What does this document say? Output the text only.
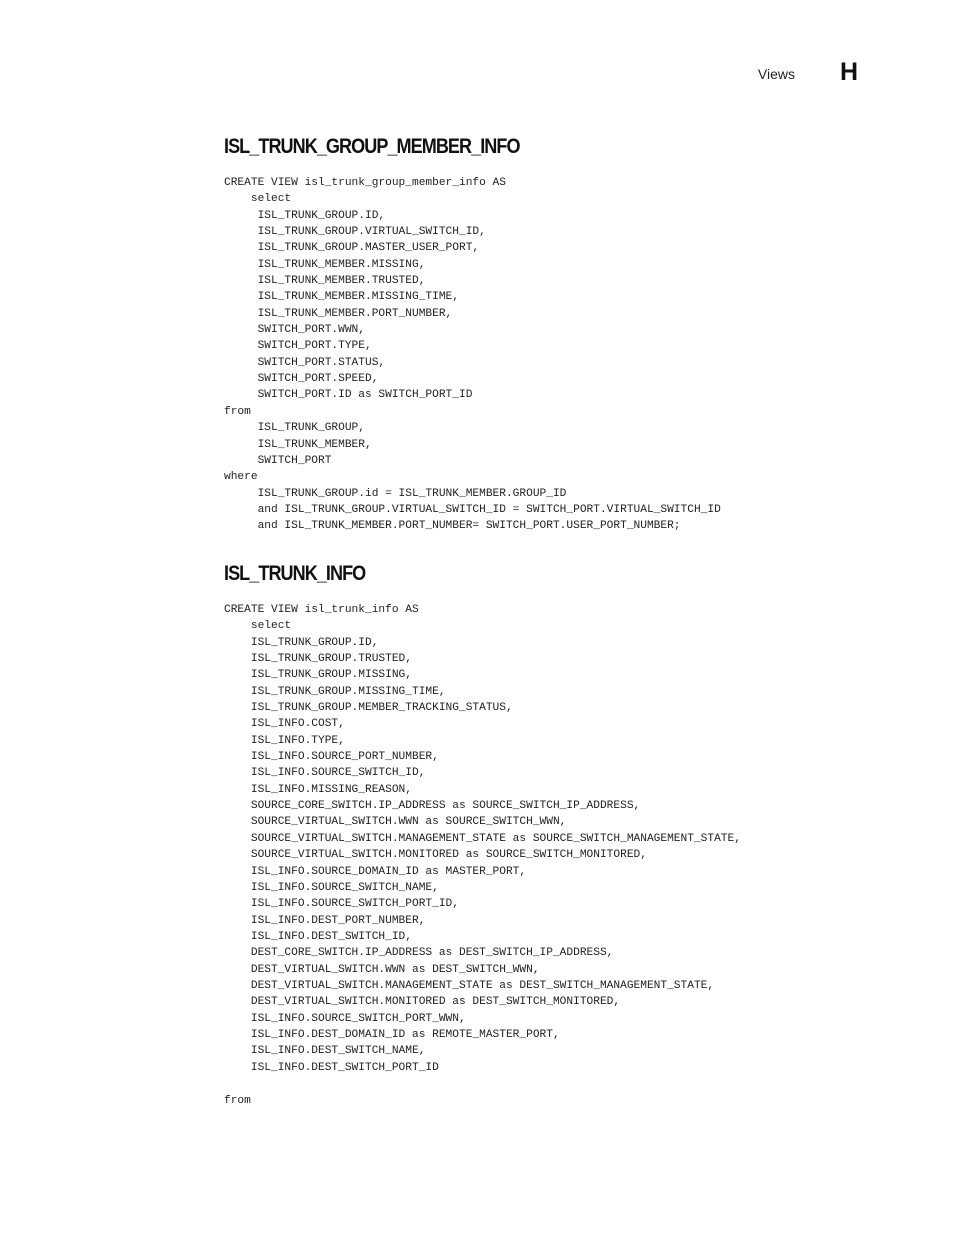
Views H
ISL_TRUNK_GROUP_MEMBER_INFO
CREATE VIEW isl_trunk_group_member_info AS
select
ISL_TRUNK_GROUP.ID,
ISL_TRUNK_GROUP.VIRTUAL_SWITCH_ID,
ISL_TRUNK_GROUP.MASTER_USER_PORT,
ISL_TRUNK_MEMBER.MISSING,
ISL_TRUNK_MEMBER.TRUSTED,
ISL_TRUNK_MEMBER.MISSING_TIME,
ISL_TRUNK_MEMBER.PORT_NUMBER,
SWITCH_PORT.WWN,
SWITCH_PORT.TYPE,
SWITCH_PORT.STATUS,
SWITCH_PORT.SPEED,
SWITCH_PORT.ID as SWITCH_PORT_ID
from
ISL_TRUNK_GROUP,
ISL_TRUNK_MEMBER,
SWITCH_PORT
where
ISL_TRUNK_GROUP.id = ISL_TRUNK_MEMBER.GROUP_ID
and ISL_TRUNK_GROUP.VIRTUAL_SWITCH_ID = SWITCH_PORT.VIRTUAL_SWITCH_ID
and ISL_TRUNK_MEMBER.PORT_NUMBER= SWITCH_PORT.USER_PORT_NUMBER;
ISL_TRUNK_INFO
CREATE VIEW isl_trunk_info AS
select
ISL_TRUNK_GROUP.ID,
ISL_TRUNK_GROUP.TRUSTED,
ISL_TRUNK_GROUP.MISSING,
ISL_TRUNK_GROUP.MISSING_TIME,
ISL_TRUNK_GROUP.MEMBER_TRACKING_STATUS,
ISL_INFO.COST,
ISL_INFO.TYPE,
ISL_INFO.SOURCE_PORT_NUMBER,
ISL_INFO.SOURCE_SWITCH_ID,
ISL_INFO.MISSING_REASON,
SOURCE_CORE_SWITCH.IP_ADDRESS as SOURCE_SWITCH_IP_ADDRESS,
SOURCE_VIRTUAL_SWITCH.WWN as SOURCE_SWITCH_WWN,
SOURCE_VIRTUAL_SWITCH.MANAGEMENT_STATE as SOURCE_SWITCH_MANAGEMENT_STATE,
SOURCE_VIRTUAL_SWITCH.MONITORED as SOURCE_SWITCH_MONITORED,
ISL_INFO.SOURCE_DOMAIN_ID as MASTER_PORT,
ISL_INFO.SOURCE_SWITCH_NAME,
ISL_INFO.SOURCE_SWITCH_PORT_ID,
ISL_INFO.DEST_PORT_NUMBER,
ISL_INFO.DEST_SWITCH_ID,
DEST_CORE_SWITCH.IP_ADDRESS as DEST_SWITCH_IP_ADDRESS,
DEST_VIRTUAL_SWITCH.WWN as DEST_SWITCH_WWN,
DEST_VIRTUAL_SWITCH.MANAGEMENT_STATE as DEST_SWITCH_MANAGEMENT_STATE,
DEST_VIRTUAL_SWITCH.MONITORED as DEST_SWITCH_MONITORED,
ISL_INFO.SOURCE_SWITCH_PORT_WWN,
ISL_INFO.DEST_DOMAIN_ID as REMOTE_MASTER_PORT,
ISL_INFO.DEST_SWITCH_NAME,
ISL_INFO.DEST_SWITCH_PORT_ID
from
